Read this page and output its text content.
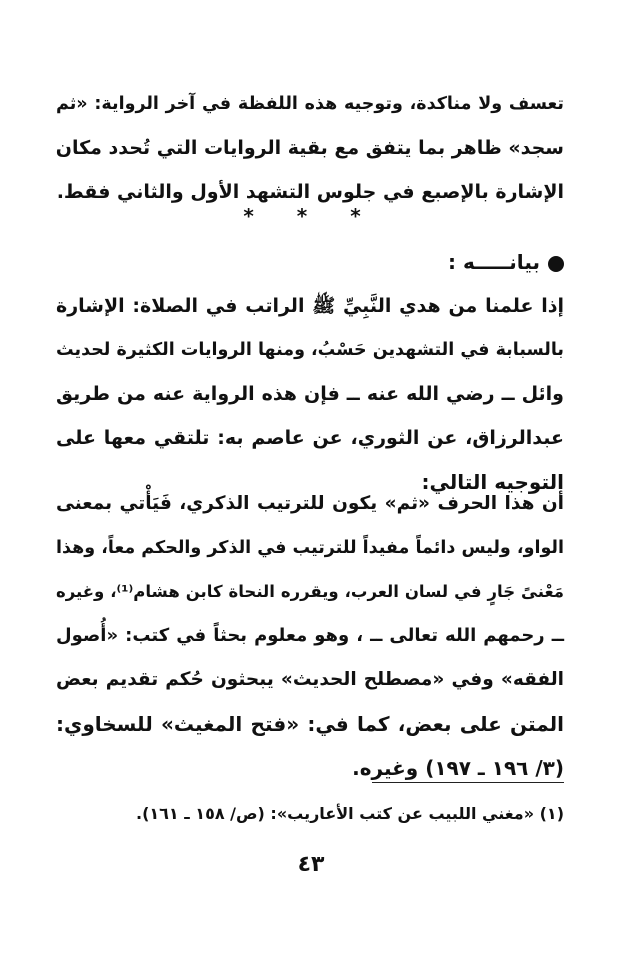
تعسف ولا مناكدة، وتوجيه هذه اللفظة في آخر الرواية: «ثم
سجد» ظاهر بما يتفق مع بقية الروايات التي تُحدد مكان
الإشارة بالإصبع في جلوس التشهد الأول والثاني فقط.
* * *
بيانـــــه :
إذا علمنا من هدي النَّبِيِّ ﷺ الراتب في الصلاة: الإشارة
بالسبابة في التشهدين حَسْبُ، ومنها الروايات الكثيرة لحديث
وائل ــ رضي الله عنه ــ فإن هذه الرواية عنه من طريق
عبدالرزاق، عن الثوري، عن عاصم به: تلتقي معها على
التوجيه التالي:
أن هذا الحرف «ثم» يكون للترتيب الذكري، فَيَأْتي بمعنى
الواو، وليس دائماً مفيداً للترتيب في الذكر والحكم معاً، وهذا
مَعْنىً جَارٍ في لسان العرب، ويقرره النحاة كابن هشام⁽¹⁾، وغيره
ــ رحمهم الله تعالى ــ ، وهو معلوم بحثاً في كتب: «أُصول
الفقه» وفي «مصطلح الحديث» يبحثون حُكم تقديم بعض
المتن على بعض، كما في: «فتح المغيث» للسخاوي:
(٣/ ١٩٦ ـ ١٩٧) وغيره.
(١) «مغني اللبيب عن كتب الأعاريب»: (ص/ ١٥٨ ـ ١٦١).
٤٣
